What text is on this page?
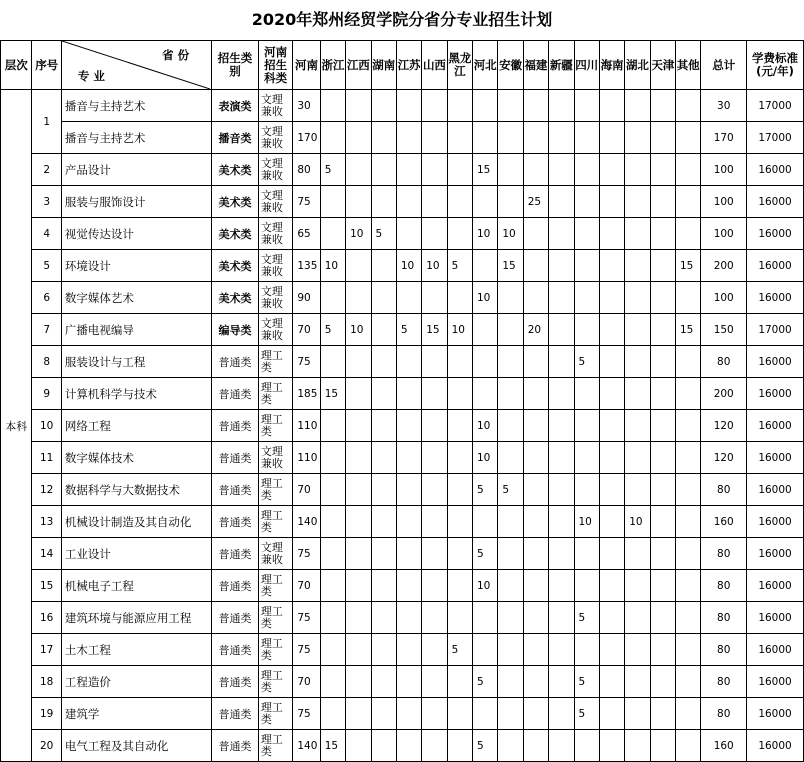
2020年郑州经贸学院分省分专业招生计划
层次	序号	省 份
专 业	招生类别	河南招生科类	河南	浙江	江西	湖南	江苏	山西	黑龙江	河北	安徽	福建	新疆	四川	海南	湖北	天津	其他	总计	学费标准(元/年)
本科	1	播音与主持艺术	表演类	文理兼收	30																30	17000
		播音与主持艺术	播音类	文理兼收	170																170	17000
	2	产品设计	美术类	文理兼收	80	5						15									100	16000
	3	服装与服饰设计	美术类	文理兼收	75									25							100	16000
	4	视觉传达设计	美术类	文理兼收	65		10	5				10	10								100	16000
	5	环境设计	美术类	文理兼收	135	10			10	10	5		15							15	200	16000
	6	数字媒体艺术	美术类	文理兼收	90							10									100	16000
	7	广播电视编导	编导类	文理兼收	70	5	10		5	15	10			20						15	150	17000
	8	服装设计与工程	普通类	理工类	75											5					80	16000
	9	计算机科学与技术	普通类	理工类	185	15															200	16000
	10	网络工程	普通类	理工类	110							10									120	16000
	11	数字媒体技术	普通类	文理兼收	110							10									120	16000
	12	数据科学与大数据技术	普通类	理工类	70							5	5								80	16000
	13	机械设计制造及其自动化	普通类	理工类	140											10		10			160	16000
	14	工业设计	普通类	文理兼收	75							5									80	16000
	15	机械电子工程	普通类	理工类	70							10									80	16000
	16	建筑环境与能源应用工程	普通类	理工类	75											5					80	16000
	17	土木工程	普通类	理工类	75						5										80	16000
	18	工程造价	普通类	理工类	70							5				5					80	16000
	19	建筑学	普通类	理工类	75											5					80	16000
	20	电气工程及其自动化	普通类	理工类	140	15						5									160	16000
